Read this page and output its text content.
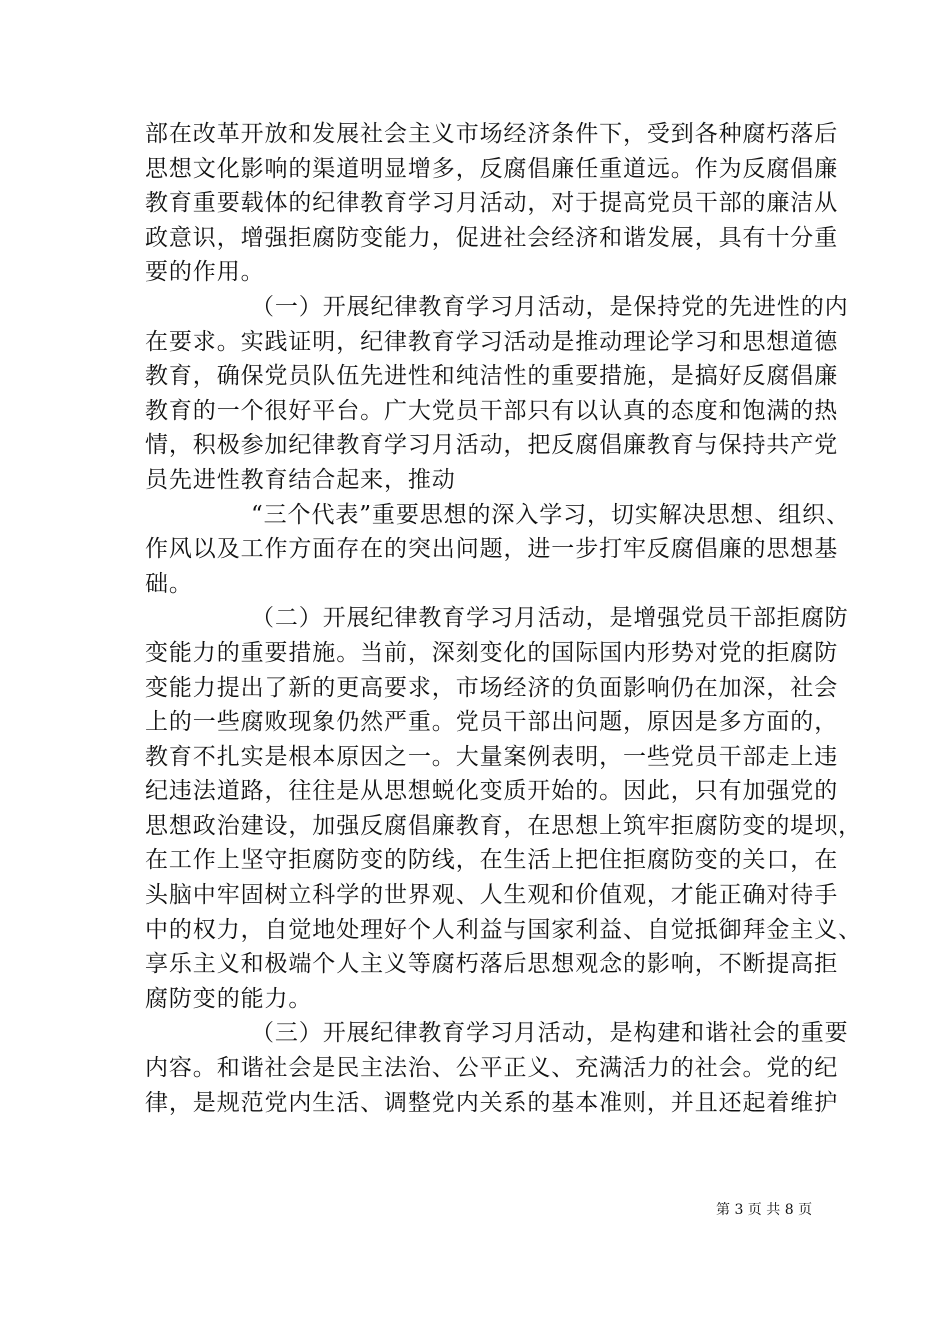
部在改革开放和发展社会主义市场经济条件下，受到各种腐朽落后
思想文化影响的渠道明显增多，反腐倡廉任重道远。作为反腐倡廉
教育重要载体的纪律教育学习月活动，对于提高党员干部的廉洁从
政意识，增强拒腐防变能力，促进社会经济和谐发展，具有十分重
要的作用。
（一）开展纪律教育学习月活动，是保持党的先进性的内
在要求。实践证明，纪律教育学习活动是推动理论学习和思想道德
教育，确保党员队伍先进性和纯洁性的重要措施，是搞好反腐倡廉
教育的一个很好平台。广大党员干部只有以认真的态度和饱满的热
情，积极参加纪律教育学习月活动，把反腐倡廉教育与保持共产党
员先进性教育结合起来，推动
“三个代表”重要思想的深入学习，切实解决思想、组织、
作风以及工作方面存在的突出问题，进一步打牢反腐倡廉的思想基
础。
（二）开展纪律教育学习月活动，是增强党员干部拒腐防
变能力的重要措施。当前，深刻变化的国际国内形势对党的拒腐防
变能力提出了新的更高要求，市场经济的负面影响仍在加深，社会
上的一些腐败现象仍然严重。党员干部出问题，原因是多方面的，
教育不扎实是根本原因之一。大量案例表明，一些党员干部走上违
纪违法道路，往往是从思想蜕化变质开始的。因此，只有加强党的
思想政治建设，加强反腐倡廉教育，在思想上筑牢拒腐防变的堤坝，
在工作上坚守拒腐防变的防线，在生活上把住拒腐防变的关口，在
头脑中牢固树立科学的世界观、人生观和价值观，才能正确对待手
中的权力，自觉地处理好个人利益与国家利益、自觉抵御拜金主义、
享乐主义和极端个人主义等腐朽落后思想观念的影响，不断提高拒
腐防变的能力。
（三）开展纪律教育学习月活动，是构建和谐社会的重要
内容。和谐社会是民主法治、公平正义、充满活力的社会。党的纪
律，是规范党内生活、调整党内关系的基本准则，并且还起着维护
第 3 页 共 8 页
